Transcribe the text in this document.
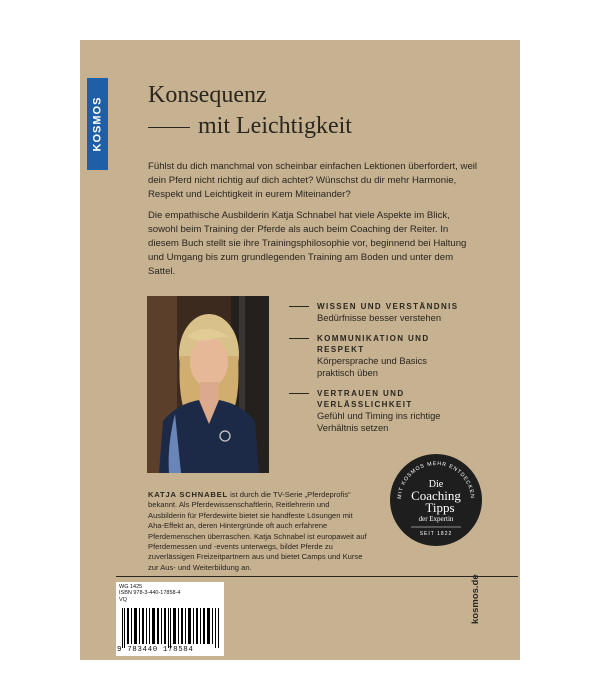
KOSMOS
Konsequenz
mit Leichtigkeit

Fühlst du dich manchmal von scheinbar einfachen Lektionen überfordert, weil dein Pferd nicht richtig auf dich achtet? Wünschst du dir mehr Harmonie, Respekt und Leichtigkeit in eurem Miteinander?

Die empathische Ausbilderin Katja Schnabel hat viele Aspekte im Blick, sowohl beim Training der Pferde als auch beim Coaching der Reiter. In diesem Buch stellt sie ihre Trainingsphilosophie vor, beginnend bei Haltung und Umgang bis zum grundlegenden Training am Boden und unter dem Sattel.

WISSEN UND VERSTÄNDNIS
Bedürfnisse besser verstehen
KOMMUNIKATION UND RESPEKT
Körpersprache und Basics praktisch üben
VERTRAUEN UND VERLÄSSLICHKEIT
Gefühl und Timing ins richtige Verhältnis setzen
MIT KOSMOS MEHR ENTDECKEN
Die
Coaching
Tipps
der Expertin
SEIT 1822
KATJA SCHNABEL ist durch die TV-Serie „Pferdeprofis“ bekannt. Als Pferdewissenschaftlerin, Reitlehrerin und Ausbilderin für Pferdewirte bietet sie handfeste Lösungen mit Aha-Effekt an, deren Hintergründe oft auch erfahrene Pferdemenschen überraschen. Katja Schnabel ist europaweit auf Pferdemessen und -events unterwegs, bildet Pferde zu zuverlässigen Freizeitpartnern aus und bietet Camps und Kurse zur Aus- und Weiterbildung an.
WG 1425
ISBN 978-3-440-17858-4
VQ
9 783440 178584
kosmos.de
